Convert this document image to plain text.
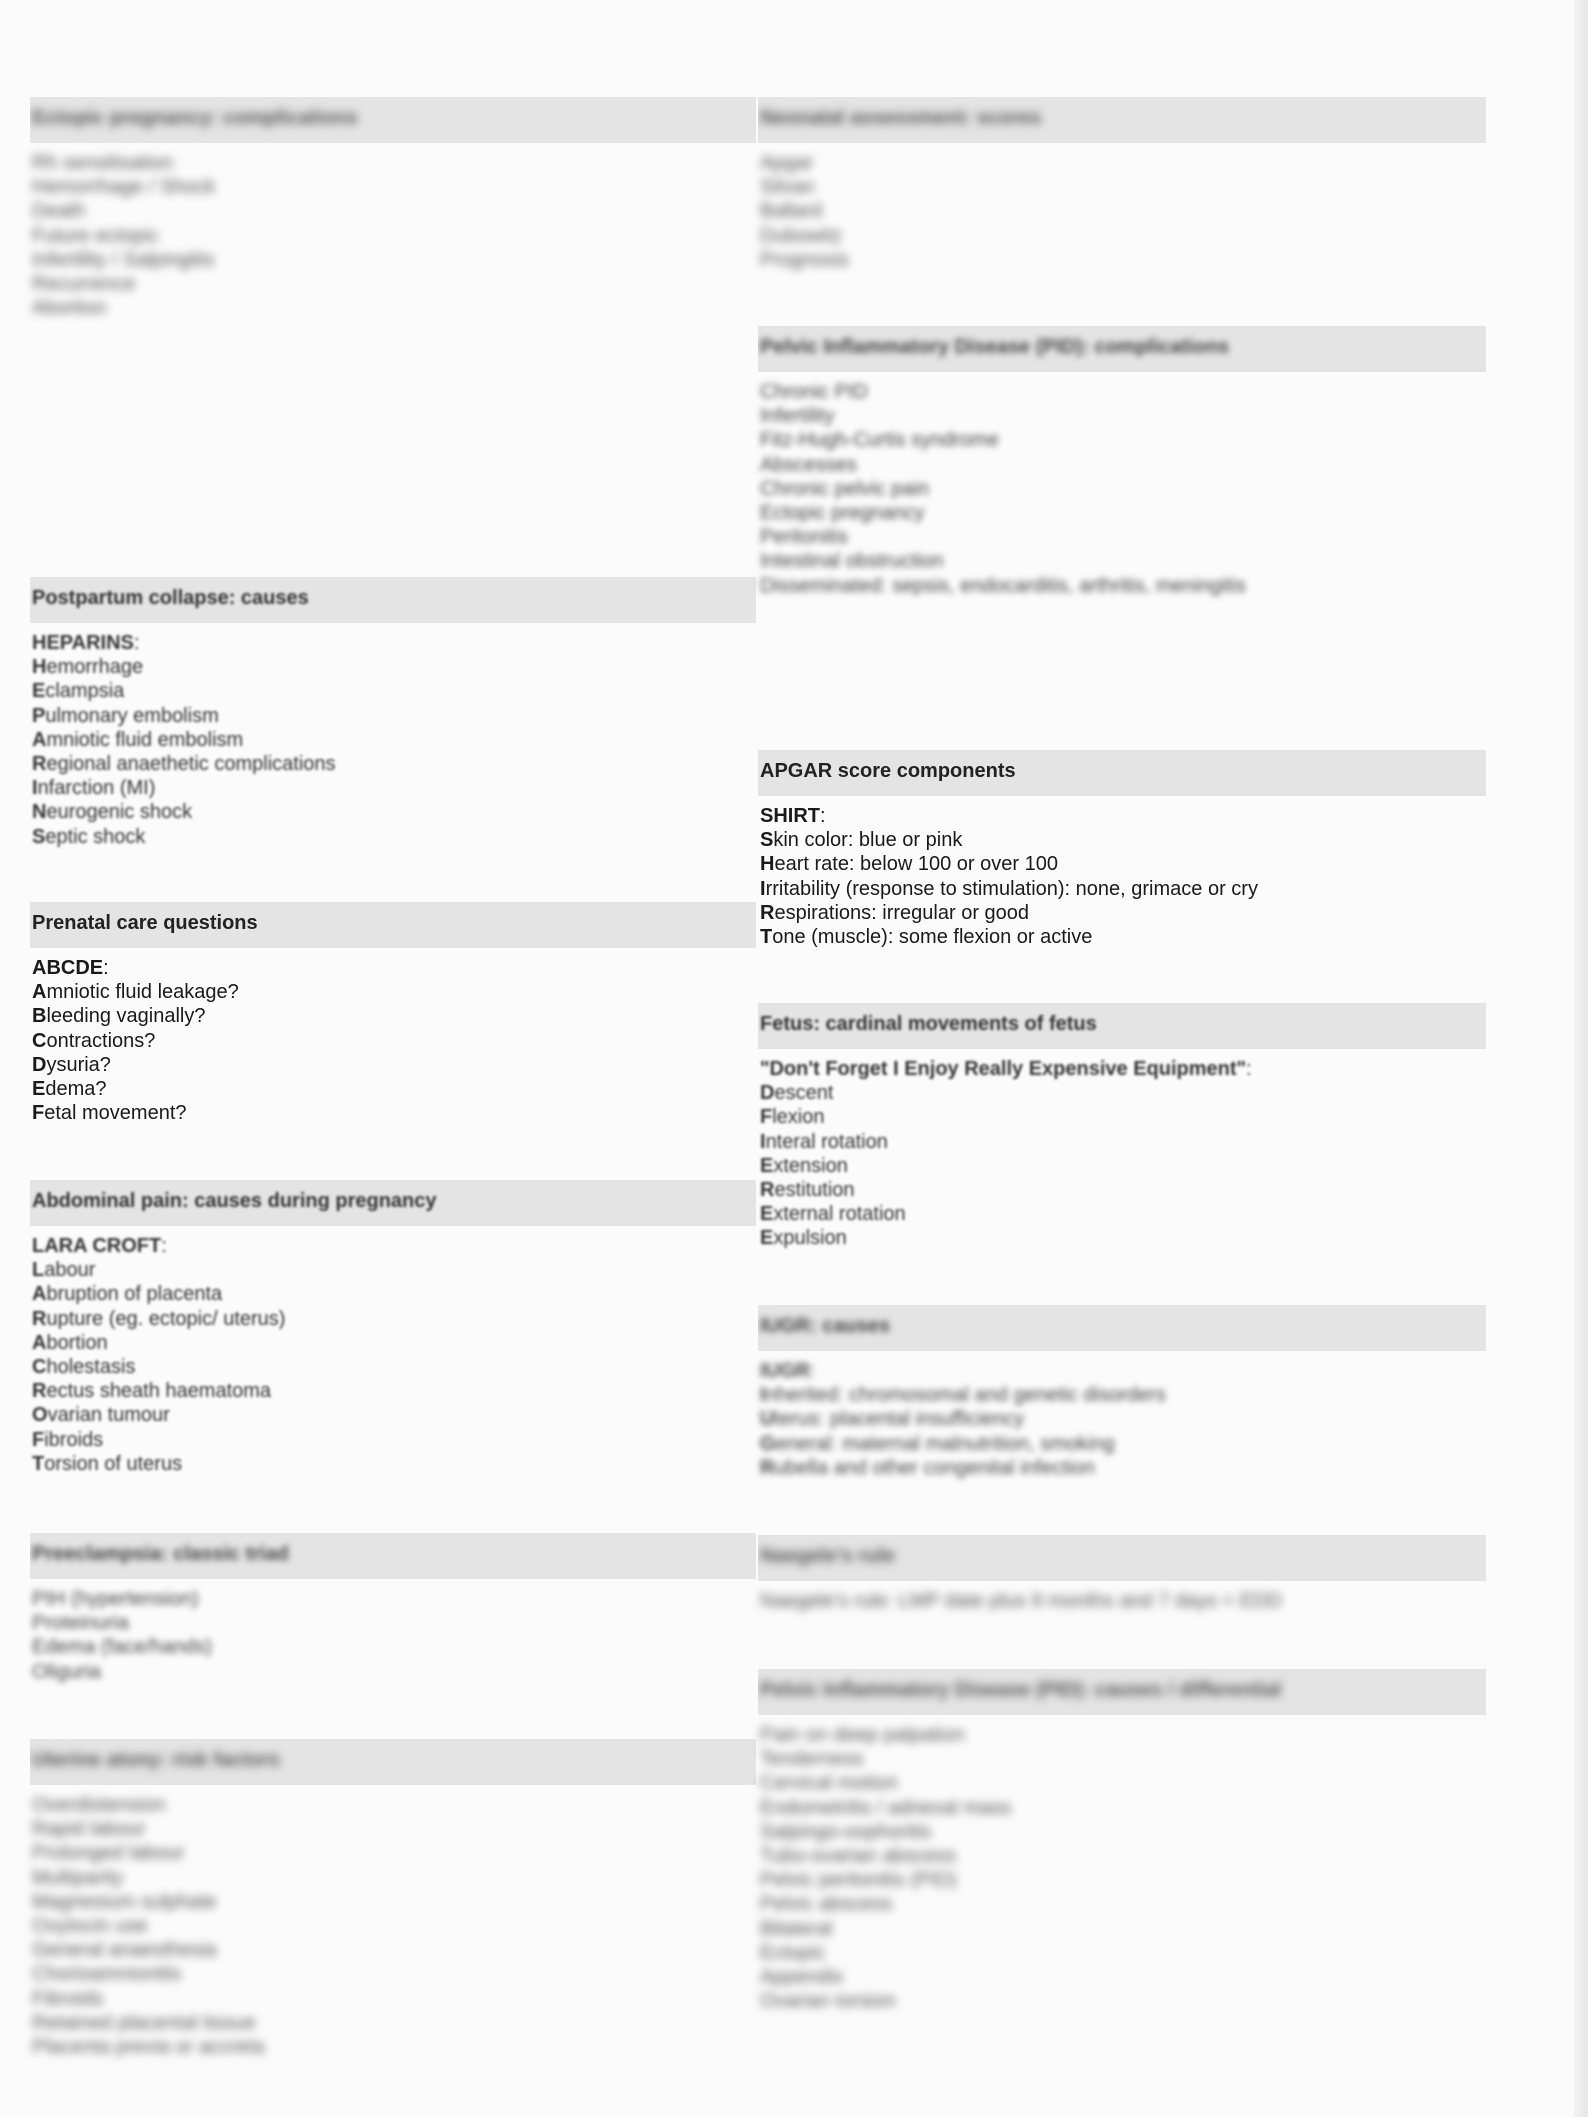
Ectopic pregnancy: complications
Rh sensitisation
Hemorrhage / Shock
Death
Future ectopic
Infertility / Salpingitis
Recurrence
Abortion
Postpartum collapse: causes
HEPARINS:
Hemorrhage
Eclampsia
Pulmonary embolism
Amniotic fluid embolism
Regional anaethetic complications
Infarction (MI)
Neurogenic shock
Septic shock
Prenatal care questions
ABCDE:
Amniotic fluid leakage?
Bleeding vaginally?
Contractions?
Dysuria?
Edema?
Fetal movement?
Abdominal pain: causes during pregnancy
LARA CROFT:
Labour
Abruption of placenta
Rupture (eg. ectopic/ uterus)
Abortion
Cholestasis
Rectus sheath haematoma
Ovarian tumour
Fibroids
Torsion of uterus
Preeclampsia: classic triad
PIH (hypertension)
Proteinuria
Edema (face/hands)
Oliguria
Uterine atony: risk factors
Overdistension
Rapid labour
Prolonged labour
Multiparity
Magnesium sulphate
Oxytocin use
General anaesthesia
Chorioamnionitis
Fibroids
Retained placental tissue
Placenta previa or accreta
Neonatal assessment: scores
Apgar
Silvan
Ballard
Dubowitz
Prognosis
Pelvic Inflammatory Disease (PID): complications
Chronic PID
Infertility
Fitz-Hugh-Curtis syndrome
Abscesses
Chronic pelvic pain
Ectopic pregnancy
Peritonitis
Intestinal obstruction
Disseminated: sepsis, endocarditis, arthritis, meningitis
APGAR score components
SHIRT:
Skin color: blue or pink
Heart rate: below 100 or over 100
Irritability (response to stimulation): none, grimace or cry
Respirations: irregular or good
Tone (muscle): some flexion or active
Fetus: cardinal movements of fetus
"Don't Forget I Enjoy Really Expensive Equipment":
Descent
Flexion
Interal rotation
Extension
Restitution
External rotation
Expulsion
IUGR: causes
IUGR:
Inherited: chromosomal and genetic disorders
Uterus: placental insufficiency
General: maternal malnutrition, smoking
Rubella and other congenital infection
Naegele's rule
Naegele's rule: LMP date plus 9 months and 7 days = EDD
Pelvic Inflammatory Disease (PID): causes / differential
Pain on deep palpation
Tenderness
Cervical motion
Endometritis / adnexal mass
Salpingo-oophoritis
Tubo-ovarian abscess
Pelvic peritonitis (PID)
Pelvic abscess
Bilateral
Ectopic
Appendix
Ovarian torsion
